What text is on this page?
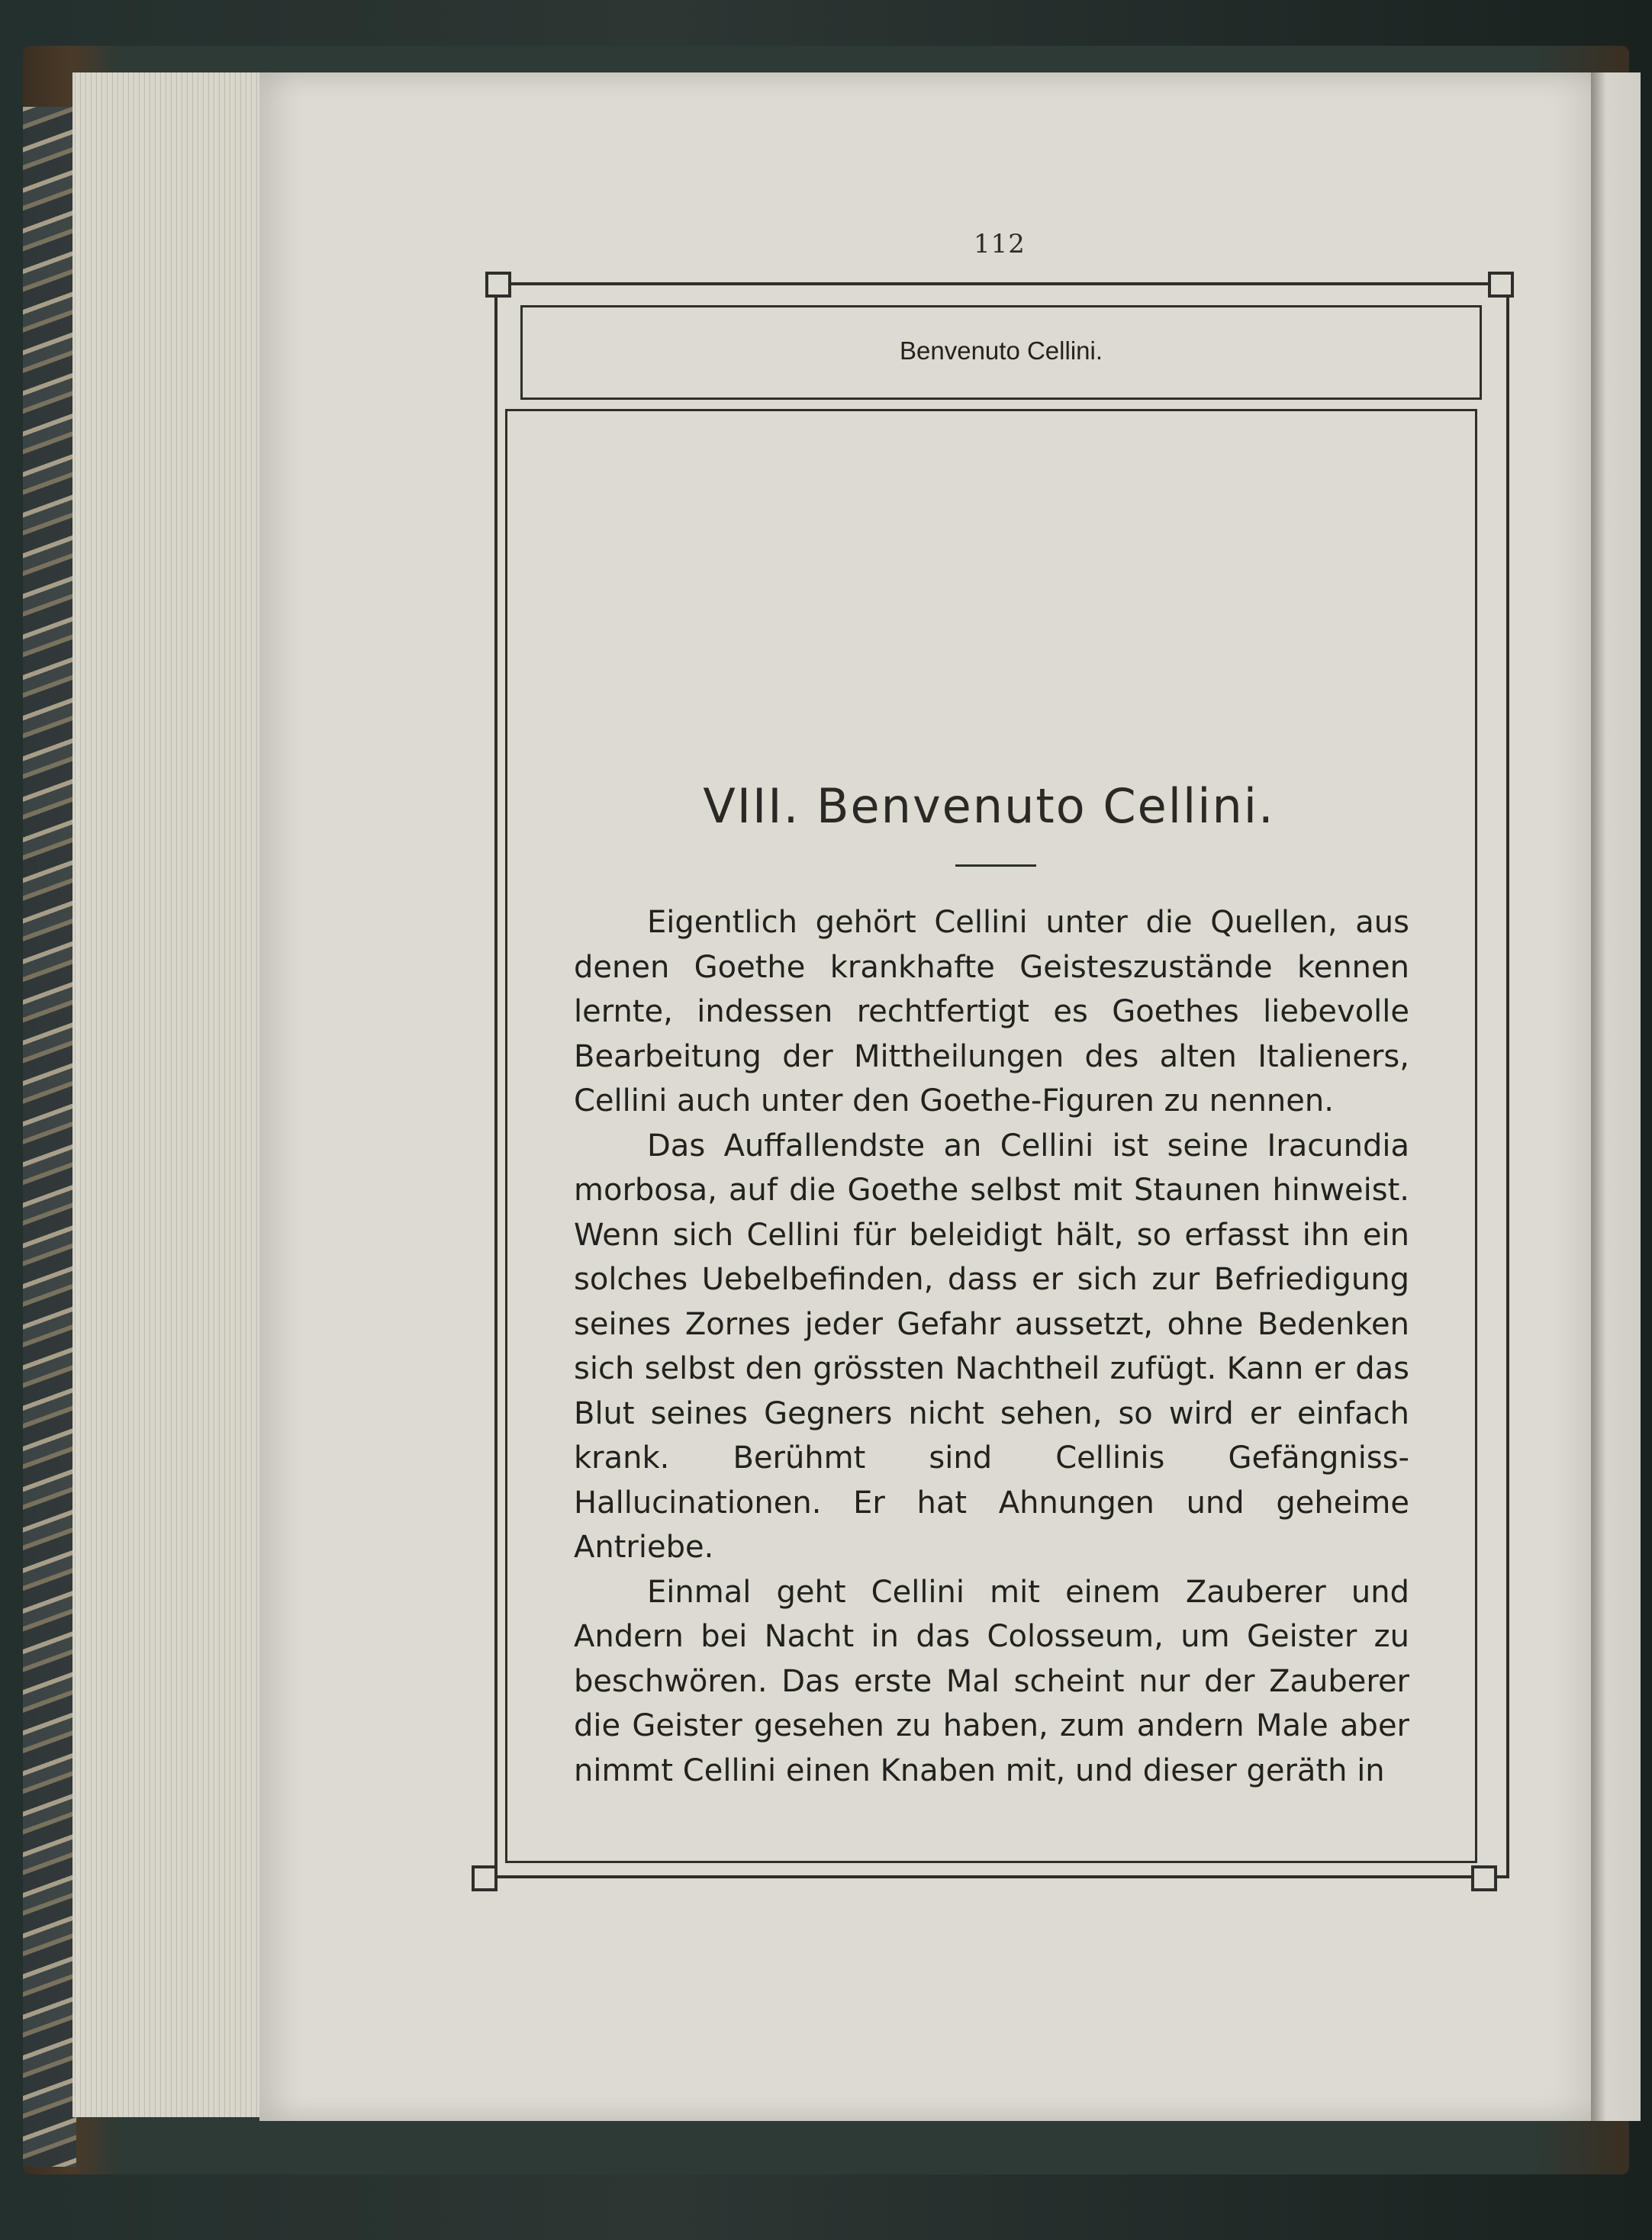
112
Benvenuto Cellini.
VIII. Benvenuto Cellini.

Eigentlich gehört Cellini unter die Quellen, aus denen Goethe krankhafte Geisteszustände kennen lernte, indessen rechtfertigt es Goethes liebevolle Bearbeitung der Mittheilungen des alten Italieners, Cellini auch unter den Goethe-Figuren zu nennen.

Das Auffallendste an Cellini ist seine Iracundia morbosa, auf die Goethe selbst mit Staunen hinweist. Wenn sich Cellini für beleidigt hält, so erfasst ihn ein solches Uebelbefinden, dass er sich zur Befriedigung seines Zornes jeder Gefahr aussetzt, ohne Bedenken sich selbst den grössten Nachtheil zufügt. Kann er das Blut seines Gegners nicht sehen, so wird er einfach krank. Berühmt sind Cellinis Gefängniss-Hallucinationen. Er hat Ahnungen und geheime Antriebe.

Einmal geht Cellini mit einem Zauberer und Andern bei Nacht in das Colosseum, um Geister zu beschwören. Das erste Mal scheint nur der Zauberer die Geister gesehen zu haben, zum andern Male aber nimmt Cellini einen Knaben mit, und dieser geräth in
